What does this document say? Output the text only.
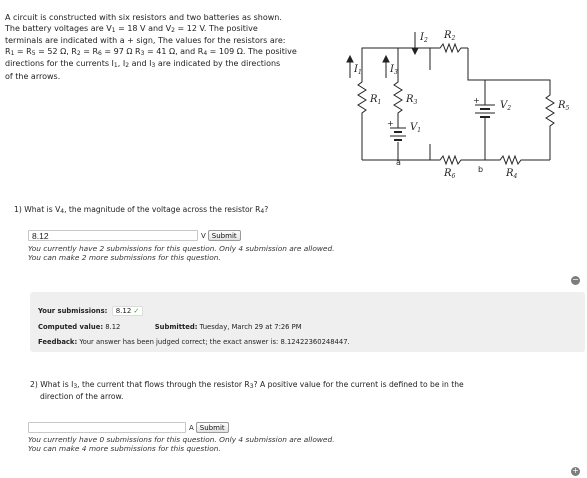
A circuit is constructed with six resistors and two batteries as shown.
The battery voltages are V1 = 18 V and V2 = 12 V. The positive
terminals are indicated with a + sign, The values for the resistors are:
R1 = R5 = 52 Ω, R2 = R6 = 97 Ω R3 = 41 Ω, and R4 = 109 Ω. The positive
directions for the currents I1, I2 and I3 are indicated by the directions
of the arrows.
$I_1$	$I_3$
$I_2$ $R_2$
$R_1$ $R_3$
$V_1$
$V_2$	$R_5$
$R_6$	$R_4$
a
b
+
+
1) What is V4, the magnitude of the voltage across the resistor R4?
8.12
V Submit
You currently have 2 submissions for this question. Only 4 submission are allowed.
You can make 2 more submissions for this question.
−
Your submissions: 8.12 ✓
Computed value: 8.12	Submitted: Tuesday, March 29 at 7:26 PM
Feedback: Your answer has been judged correct; the exact answer is: 8.12422360248447.
2) What is I3, the current that flows through the resistor R3? A positive value for the current is defined to be in the
direction of the arrow.
A Submit
You currently have 0 submissions for this question. Only 4 submission are allowed.
You can make 4 more submissions for this question.
+
